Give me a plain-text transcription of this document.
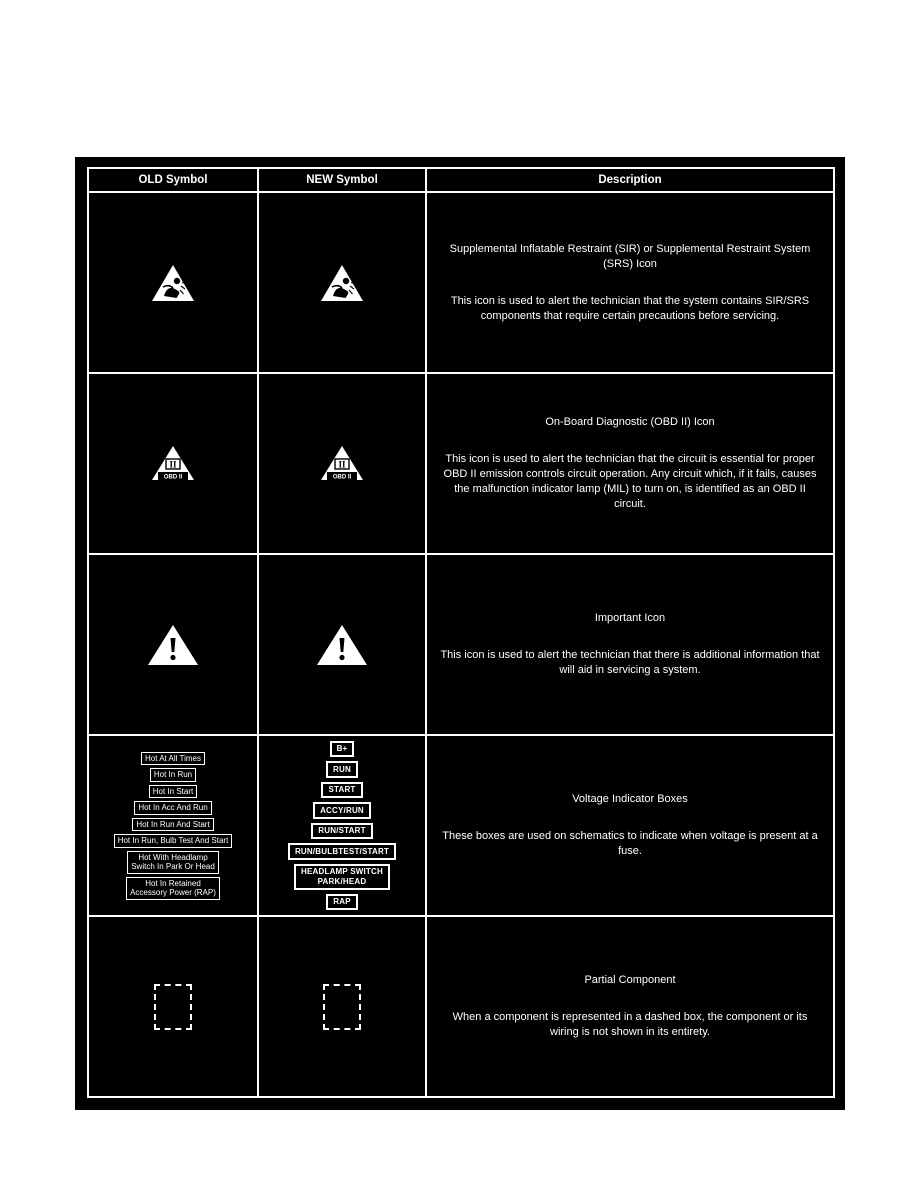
OLD Symbol	NEW Symbol	Description

Supplemental Inflatable Restraint (SIR) or Supplemental Restraint System (SRS) Icon

This icon is used to alert the technician that the system contains SIR/SRS components that require certain precautions before servicing.

II
OBD II
II
OBD II

On-Board Diagnostic (OBD II) Icon

This icon is used to alert the technician that the circuit is essential for proper OBD II emission controls circuit operation. Any circuit which, if it fails, causes the malfunction indicator lamp (MIL) to turn on, is identified as an OBD II circuit.

Important Icon

This icon is used to alert the technician that there is additional information that will aid in servicing a system.

Hot At All Times
Hot In Run
Hot In Start
Hot In Acc And Run
Hot In Run And Start
Hot In Run, Bulb Test And Start
Hot With Headlamp
Switch In Park Or Head
Hot In Retained
Accessory Power (RAP)
B+
RUN
START
ACCY/RUN
RUN/START
RUN/BULBTEST/START
HEADLAMP SWITCH
PARK/HEAD
RAP

Voltage Indicator Boxes

These boxes are used on schematics to indicate when voltage is present at a fuse.

Partial Component

When a component is represented in a dashed box, the component or its wiring is not shown in its entirety.
